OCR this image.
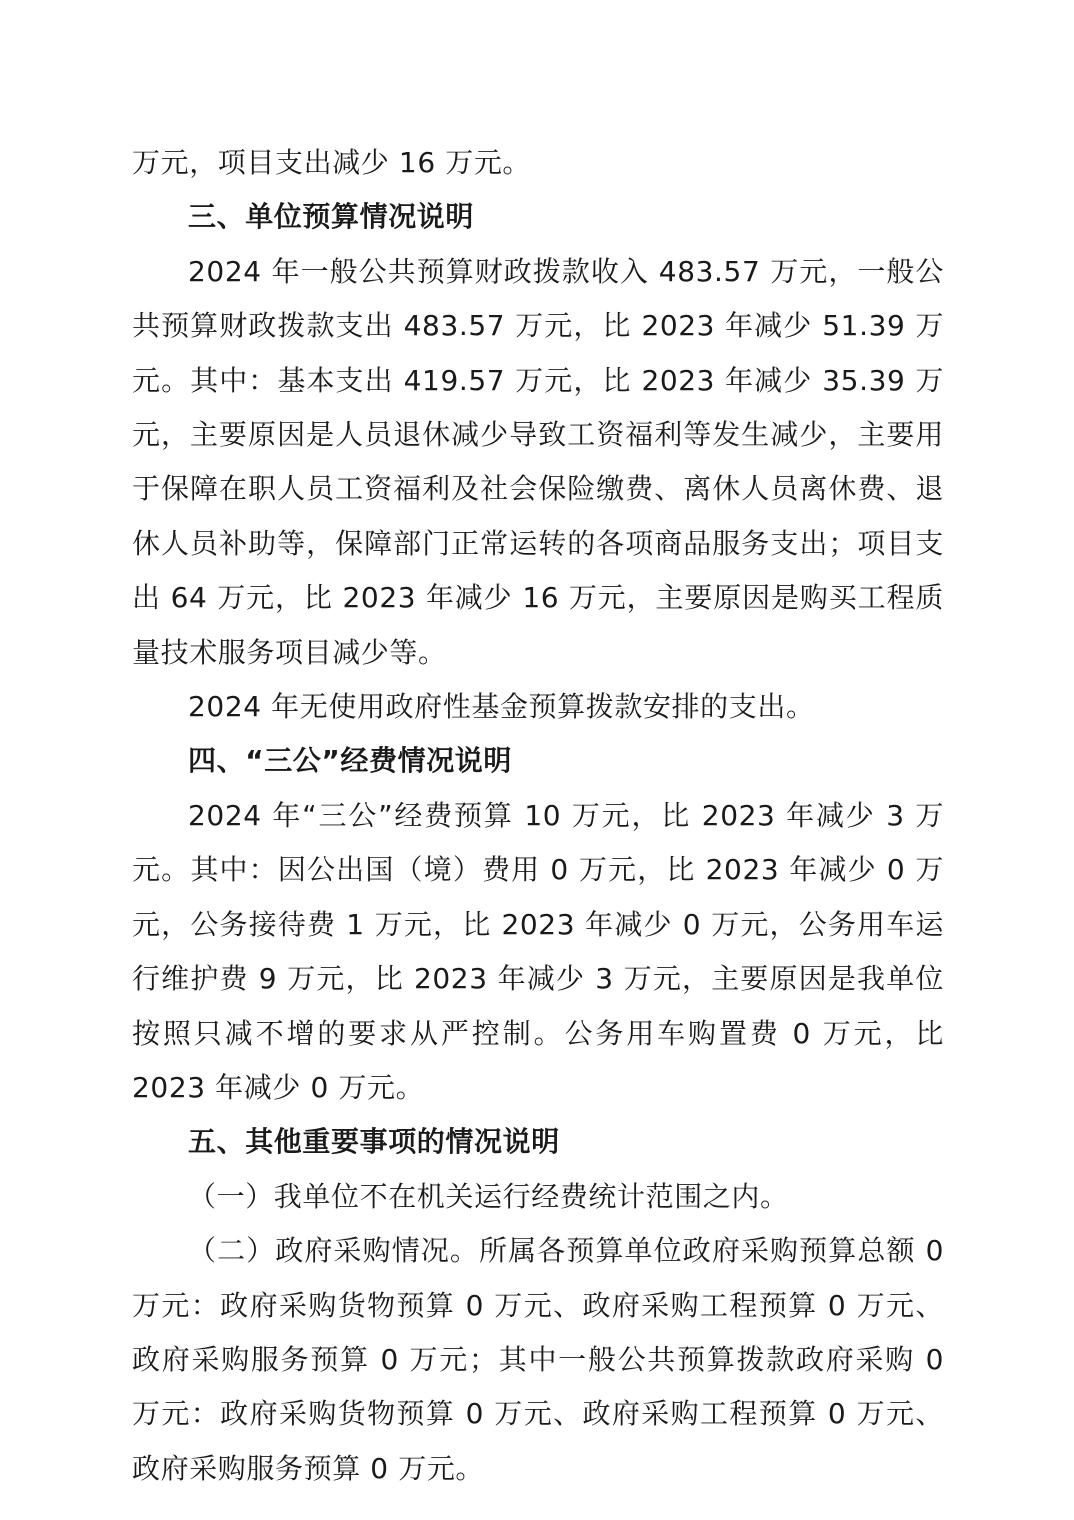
万元，项目支出减少 16 万元。

三、单位预算情况说明

2024 年一般公共预算财政拨款收入 483.57 万元，一般公共预算财政拨款支出 483.57 万元，比 2023 年减少 51.39 万元。其中：基本支出 419.57 万元，比 2023 年减少 35.39 万元，主要原因是人员退休减少导致工资福利等发生减少，主要用于保障在职人员工资福利及社会保险缴费、离休人员离休费、退休人员补助等，保障部门正常运转的各项商品服务支出；项目支出 64 万元，比 2023 年减少 16 万元，主要原因是购买工程质量技术服务项目减少等。

2024 年无使用政府性基金预算拨款安排的支出。

四、“三公”经费情况说明

2024 年“三公”经费预算 10 万元，比 2023 年减少 3 万元。其中：因公出国（境）费用 0 万元，比 2023 年减少 0 万元，公务接待费 1 万元，比 2023 年减少 0 万元，公务用车运行维护费 9 万元，比 2023 年减少 3 万元，主要原因是我单位按照只减不增的要求从严控制。公务用车购置费 0 万元，比 2023 年减少 0 万元。

五、其他重要事项的情况说明

（一）我单位不在机关运行经费统计范围之内。

（二）政府采购情况。所属各预算单位政府采购预算总额 0 万元：政府采购货物预算 0 万元、政府采购工程预算 0 万元、政府采购服务预算 0 万元；其中一般公共预算拨款政府采购 0 万元：政府采购货物预算 0 万元、政府采购工程预算 0 万元、政府采购服务预算 0 万元。
